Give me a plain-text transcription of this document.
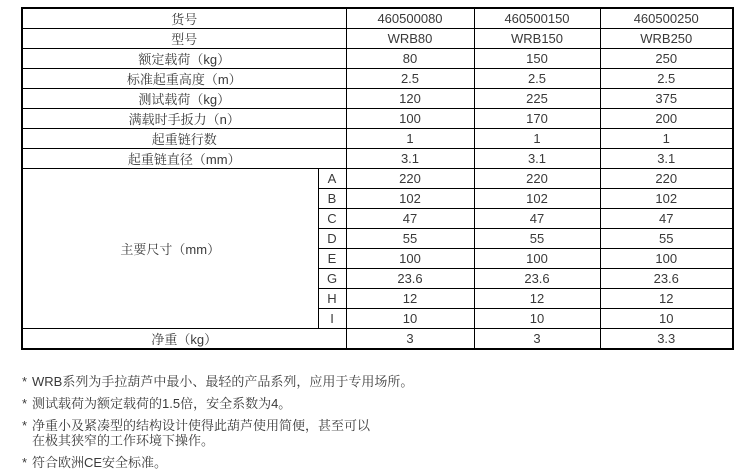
货号		460500080	460500150	460500250
型号		WRB80	WRB150	WRB250
额定载荷（kg）		80	150	250
标准起重高度（m）		2.5	2.5	2.5
测试载荷（kg）		120	225	375
满载时手扳力（n）		100	170	200
起重链行数		1	1	1
起重链直径（mm）		3.1	3.1	3.1
主要尺寸（mm）	A	220	220	220
	B	102	102	102
	C	47	47	47
	D	55	55	55
	E	100	100	100
	G	23.6	23.6	23.6
	H	12	12	12
	I	10	10	10
净重（kg）		3	3	3.3
* WRB系列为手拉葫芦中最小、最轻的产品系列，应用于专用场所。
* 测试载荷为额定载荷的1.5倍，安全系数为4。
* 净重小及紧凑型的结构设计使得此葫芦使用简便，甚至可以
在极其狭窄的工作环境下操作。
* 符合欧洲CE安全标准。
